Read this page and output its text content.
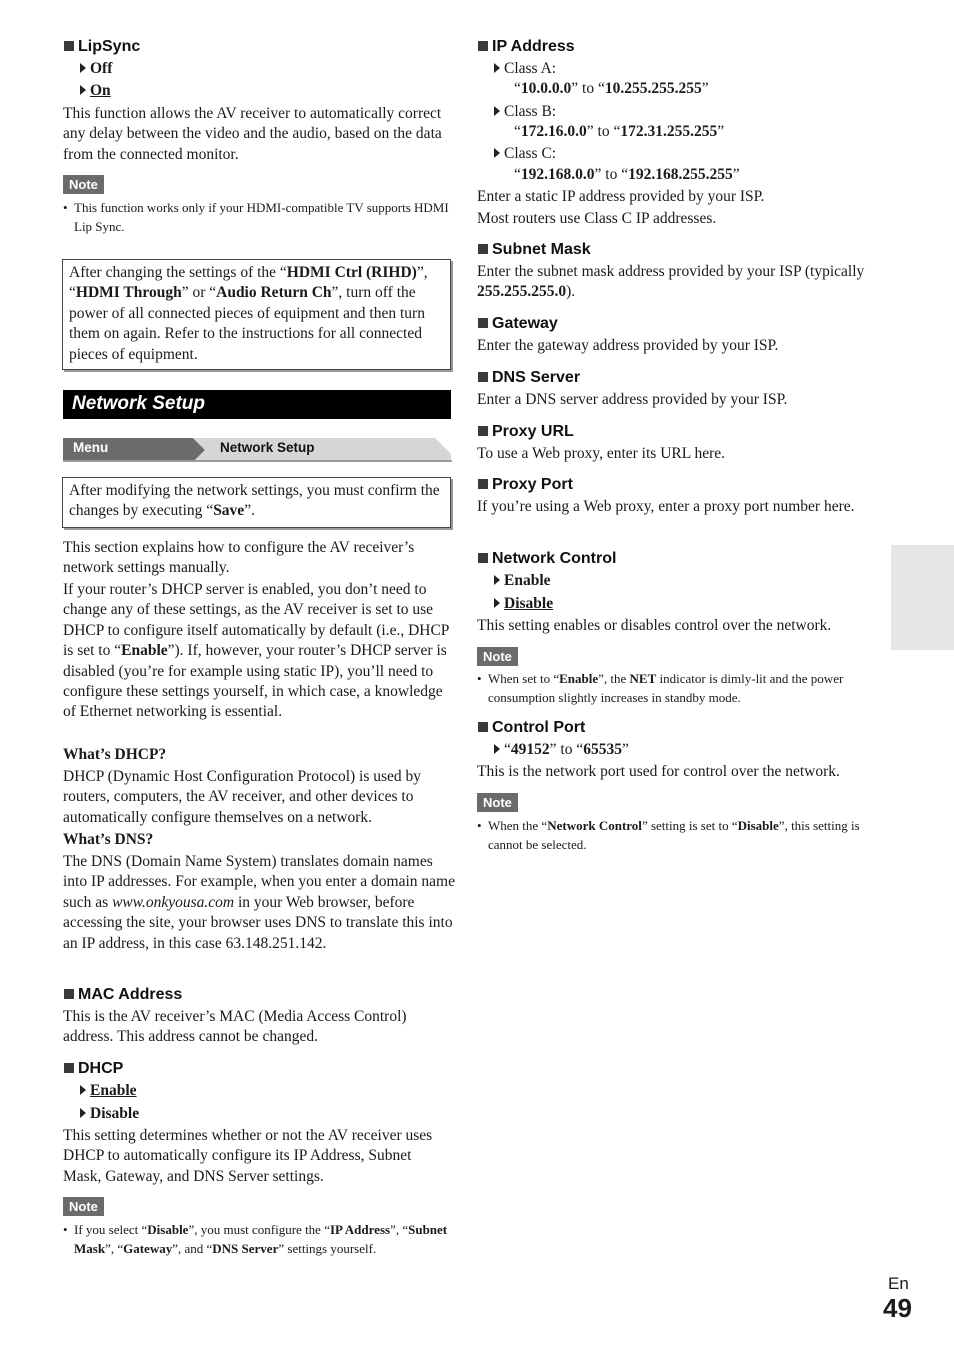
LipSync
Off
On
This function allows the AV receiver to automatically correct any delay between the video and the audio, based on the data from the connected monitor.
Note
• This function works only if your HDMI-compatible TV supports HDMI Lip Sync.
After changing the settings of the “HDMI Ctrl (RIHD)”, “HDMI Through” or “Audio Return Ch”, turn off the power of all connected pieces of equipment and then turn them on again. Refer to the instructions for all connected pieces of equipment.
Network Setup
Menu	Network Setup
After modifying the network settings, you must confirm the changes by executing “Save”.
This section explains how to configure the AV receiver’s network settings manually.
If your router’s DHCP server is enabled, you don’t need to change any of these settings, as the AV receiver is set to use DHCP to configure itself automatically by default (i.e., DHCP is set to “Enable”). If, however, your router’s DHCP server is disabled (you’re for example using static IP), you’ll need to configure these settings yourself, in which case, a knowledge of Ethernet networking is essential.
What’s DHCP?
DHCP (Dynamic Host Configuration Protocol) is used by routers, computers, the AV receiver, and other devices to automatically configure themselves on a network.
What’s DNS?
The DNS (Domain Name System) translates domain names into IP addresses. For example, when you enter a domain name such as www.onkyousa.com in your Web browser, before accessing the site, your browser uses DNS to translate this into an IP address, in this case 63.148.251.142.
MAC Address
This is the AV receiver’s MAC (Media Access Control) address. This address cannot be changed.
DHCP
Enable
Disable
This setting determines whether or not the AV receiver uses DHCP to automatically configure its IP Address, Subnet Mask, Gateway, and DNS Server settings.
Note
• If you select “Disable”, you must configure the “IP Address”, “Subnet Mask”, “Gateway”, and “DNS Server” settings yourself.
IP Address
Class A:
“10.0.0.0” to “10.255.255.255”
Class B:
“172.16.0.0” to “172.31.255.255”
Class C:
“192.168.0.0” to “192.168.255.255”
Enter a static IP address provided by your ISP.
Most routers use Class C IP addresses.
Subnet Mask
Enter the subnet mask address provided by your ISP (typically 255.255.255.0).
Gateway
Enter the gateway address provided by your ISP.
DNS Server
Enter a DNS server address provided by your ISP.
Proxy URL
To use a Web proxy, enter its URL here.
Proxy Port
If you’re using a Web proxy, enter a proxy port number here.
Network Control
Enable
Disable
This setting enables or disables control over the network.
Note
• When set to “Enable”, the NET indicator is dimly-lit and the power consumption slightly increases in standby mode.
Control Port
“49152” to “65535”
This is the network port used for control over the network.
Note
• When the “Network Control” setting is set to “Disable”, this setting is cannot be selected.
En
49
